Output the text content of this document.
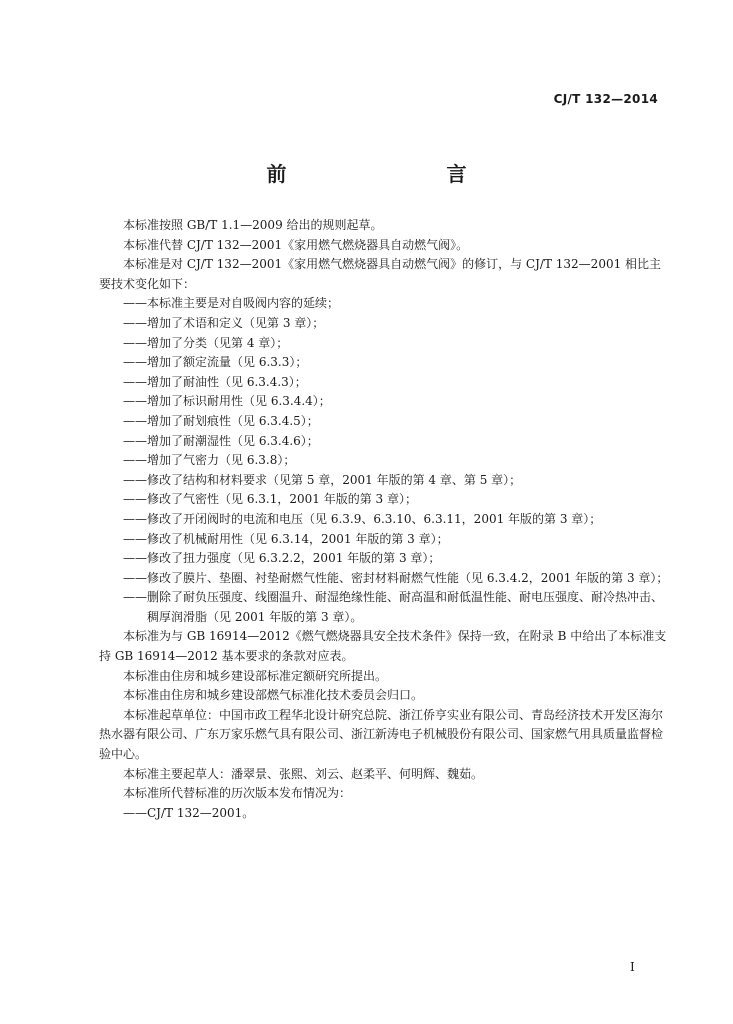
CJ/T 132—2014
前　　言

本标准按照 GB/T 1.1—2009 给出的规则起草。

本标准代替 CJ/T 132—2001《家用燃气燃烧器具自动燃气阀》。

本标准是对 CJ/T 132—2001《家用燃气燃烧器具自动燃气阀》的修订，与 CJ/T 132—2001 相比主要技术变化如下：

——本标准主要是对自吸阀内容的延续；

——增加了术语和定义（见第 3 章）；

——增加了分类（见第 4 章）；

——增加了额定流量（见 6.3.3）；

——增加了耐油性（见 6.3.4.3）；

——增加了标识耐用性（见 6.3.4.4）；

——增加了耐划痕性（见 6.3.4.5）；

——增加了耐潮湿性（见 6.3.4.6）；

——增加了气密力（见 6.3.8）；

——修改了结构和材料要求（见第 5 章，2001 年版的第 4 章、第 5 章）；

——修改了气密性（见 6.3.1，2001 年版的第 3 章）；

——修改了开闭阀时的电流和电压（见 6.3.9、6.3.10、6.3.11，2001 年版的第 3 章）；

——修改了机械耐用性（见 6.3.14，2001 年版的第 3 章）；

——修改了扭力强度（见 6.3.2.2，2001 年版的第 3 章）；

——修改了膜片、垫圈、衬垫耐燃气性能、密封材料耐燃气性能（见 6.3.4.2，2001 年版的第 3 章）；

——删除了耐负压强度、线圈温升、耐湿绝缘性能、耐高温和耐低温性能、耐电压强度、耐冷热冲击、稠厚润滑脂（见 2001 年版的第 3 章）。

本标准为与 GB 16914—2012《燃气燃烧器具安全技术条件》保持一致，在附录 B 中给出了本标准支持 GB 16914—2012 基本要求的条款对应表。

本标准由住房和城乡建设部标准定额研究所提出。

本标准由住房和城乡建设部燃气标准化技术委员会归口。

本标准起草单位：中国市政工程华北设计研究总院、浙江侨亨实业有限公司、青岛经济技术开发区海尔热水器有限公司、广东万家乐燃气具有限公司、浙江新涛电子机械股份有限公司、国家燃气用具质量监督检验中心。

本标准主要起草人：潘翠景、张熙、刘云、赵柔平、何明辉、魏茹。

本标准所代替标准的历次版本发布情况为：

——CJ/T 132—2001。

I
